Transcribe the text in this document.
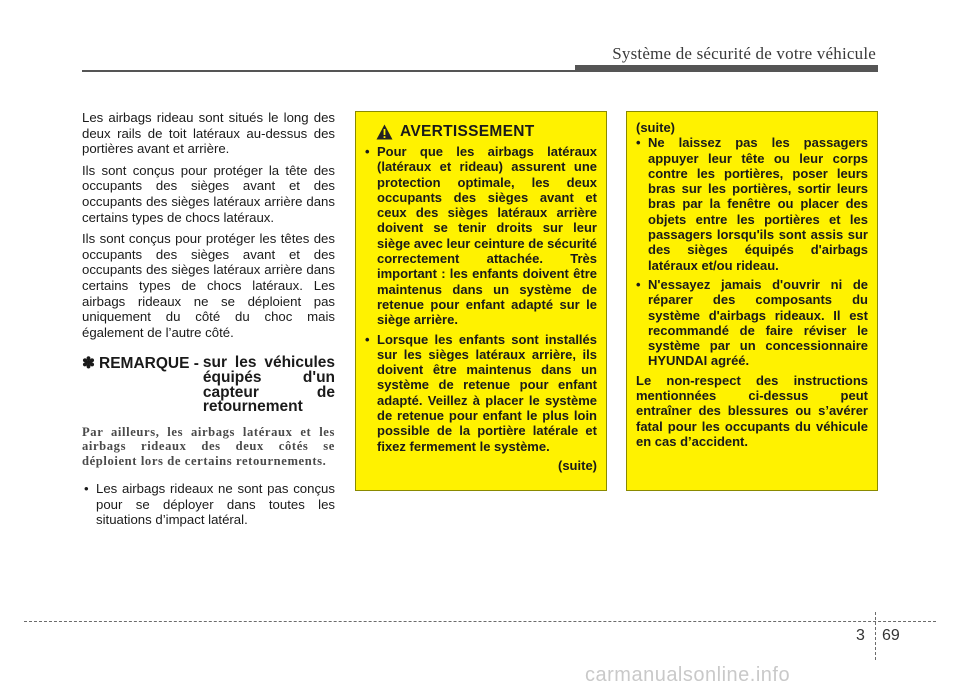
Système de sécurité de votre véhicule

Les airbags rideau sont situés le long des deux rails de toit latéraux au-dessus des portières avant et arrière.

Ils sont conçus pour protéger la tête des occupants des sièges avant et des occupants des sièges latéraux arrière dans certains types de chocs latéraux.

Ils sont conçus pour protéger les têtes des occupants des sièges avant et des occupants des sièges latéraux arrière dans certains types de chocs latéraux. Les airbags rideaux ne se déploient pas uniquement du côté du choc mais également de l’autre côté.

✽ REMARQUE - sur les véhicules équipés d'un capteur de retournement
Par ailleurs, les airbags latéraux et les airbags rideaux des deux côtés se déploient lors de certains retournements.
• Les airbags rideaux ne sont pas conçus pour se déployer dans toutes les situations d’impact latéral.
AVERTISSEMENT
• Pour que les airbags latéraux (latéraux et rideau) assurent une protection optimale, les deux occupants des sièges avant et ceux des sièges latéraux arrière doivent se tenir droits sur leur siège avec leur ceinture de sécurité correctement attachée. Très important : les enfants doivent être maintenus dans un système de retenue pour enfant adapté sur le siège arrière.
• Lorsque les enfants sont installés sur les sièges latéraux arrière, ils doivent être maintenus dans un système de retenue pour enfant adapté. Veillez à placer le système de retenue pour enfant le plus loin possible de la portière latérale et fixez fermement le système.
(suite)
(suite)
• Ne laissez pas les passagers appuyer leur tête ou leur corps contre les portières, poser leurs bras sur les portières, sortir leurs bras par la fenêtre ou placer des objets entre les portières et les passagers lorsqu'ils sont assis sur des sièges équipés d'airbags latéraux et/ou rideau.
• N'essayez jamais d'ouvrir ni de réparer des composants du système d'airbags rideaux. Il est recommandé de faire réviser le système par un concessionnaire HYUNDAI agréé.
Le non-respect des instructions mentionnées ci-dessus peut entraîner des blessures ou s’avérer fatal pour les occupants du véhicule en cas d’accident.
3 69
carmanualsonline.info
